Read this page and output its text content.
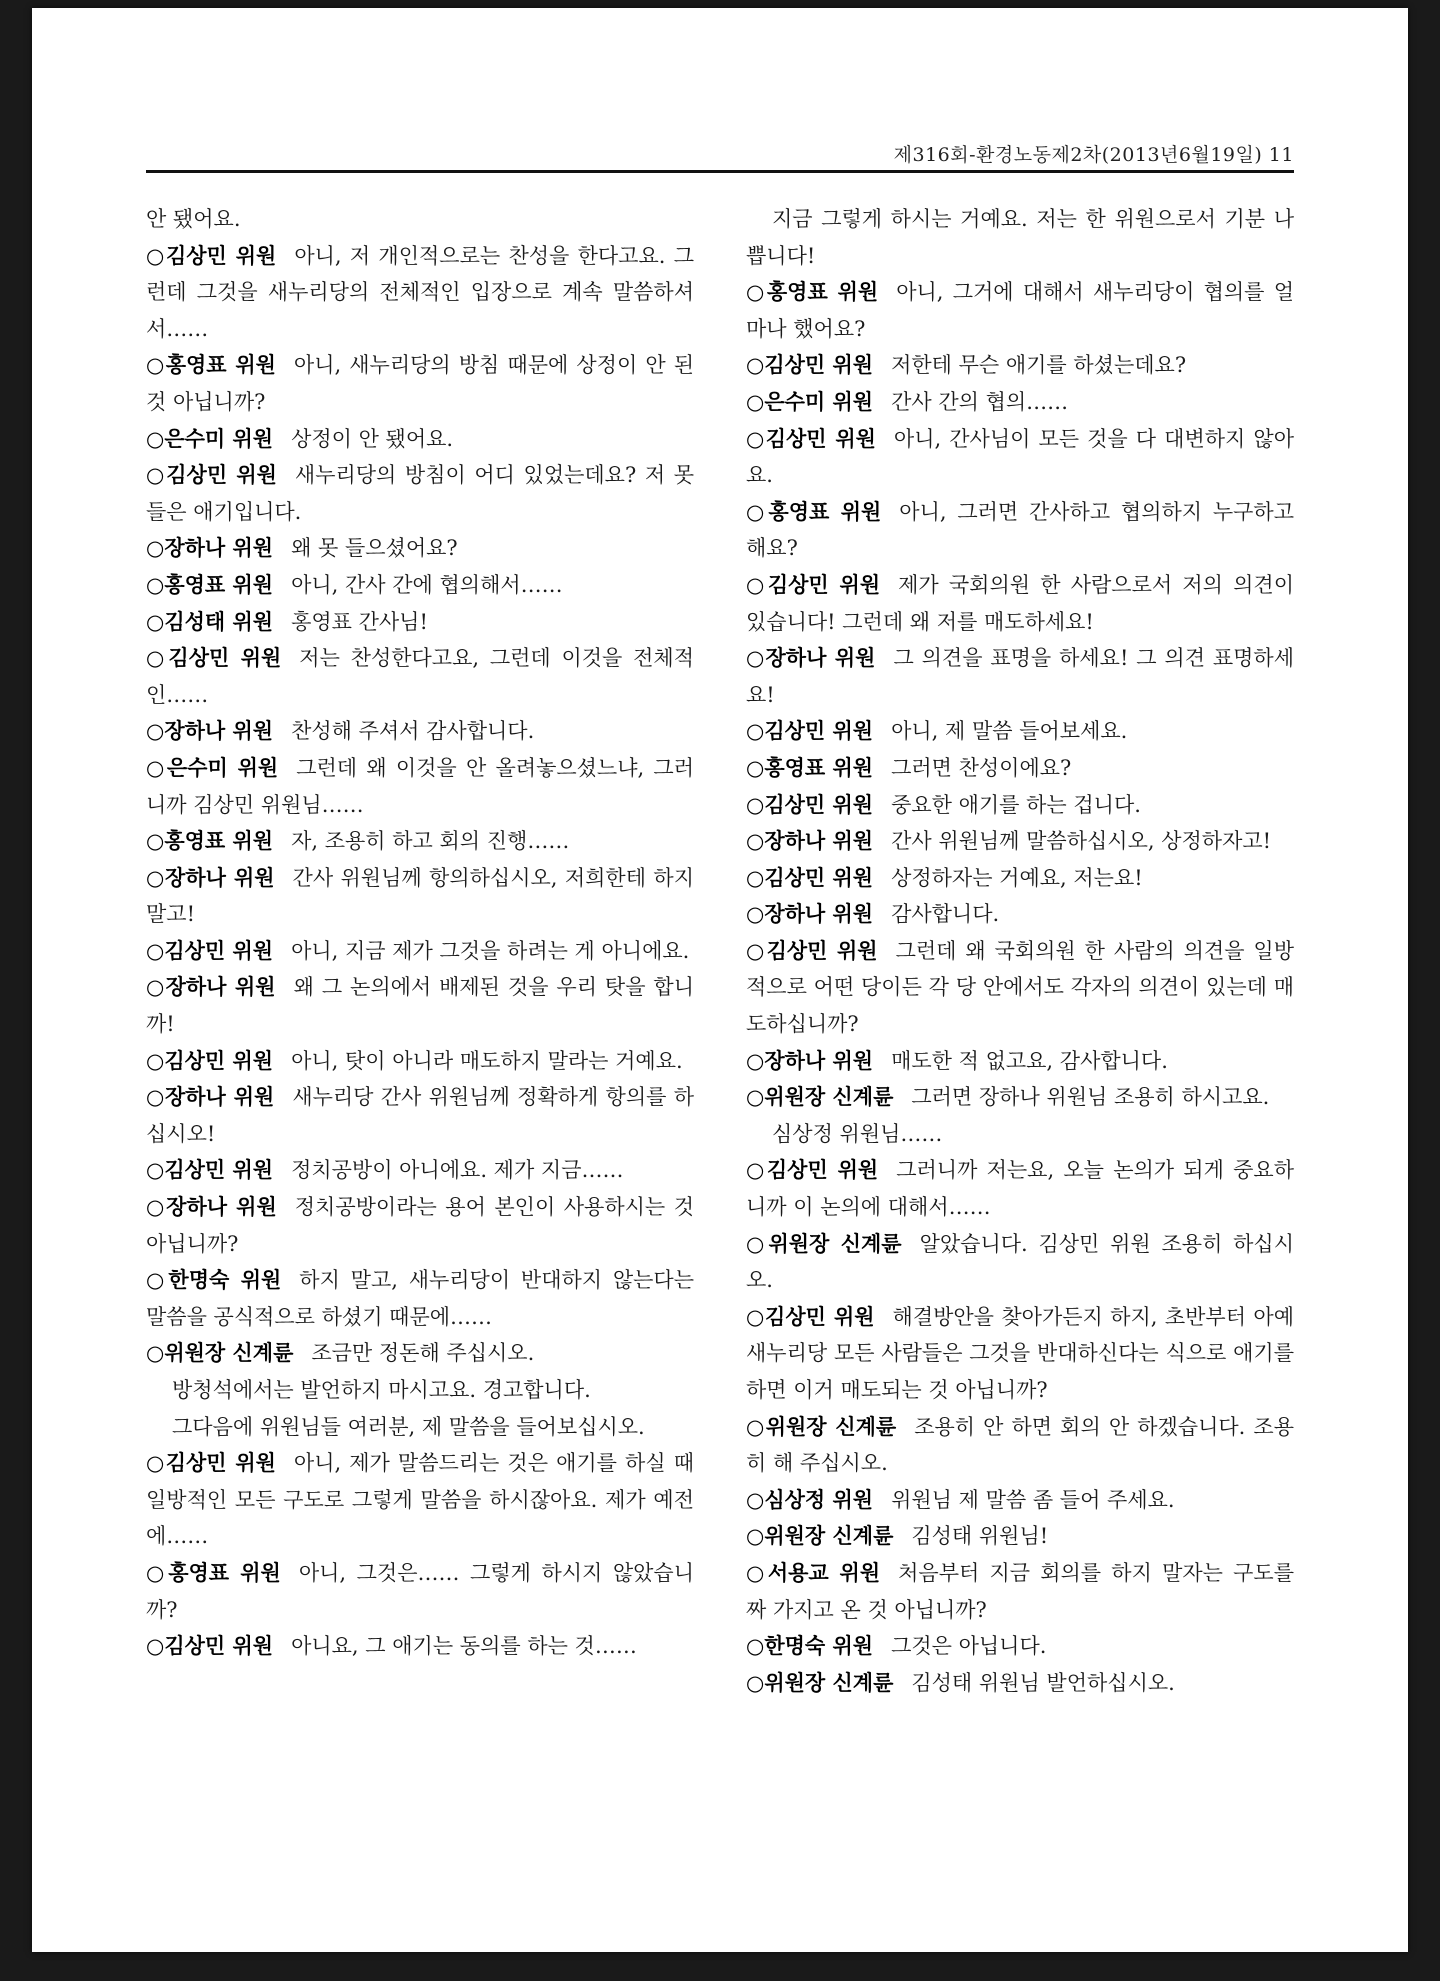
제316회-환경노동제2차(2013년6월19일) 11

안 됐어요.

○김상민 위원 아니, 저 개인적으로는 찬성을 한다고요. 그런데 그것을 새누리당의 전체적인 입장으로 계속 말씀하셔서……

○홍영표 위원 아니, 새누리당의 방침 때문에 상정이 안 된 것 아닙니까?

○은수미 위원 상정이 안 됐어요.

○김상민 위원 새누리당의 방침이 어디 있었는데요? 저 못 들은 애기입니다.

○장하나 위원 왜 못 들으셨어요?

○홍영표 위원 아니, 간사 간에 협의해서……

○김성태 위원 홍영표 간사님!

○김상민 위원 저는 찬성한다고요, 그런데 이것을 전체적인……

○장하나 위원 찬성해 주셔서 감사합니다.

○은수미 위원 그런데 왜 이것을 안 올려놓으셨느냐, 그러니까 김상민 위원님……

○홍영표 위원 자, 조용히 하고 회의 진행……

○장하나 위원 간사 위원님께 항의하십시오, 저희한테 하지 말고!

○김상민 위원 아니, 지금 제가 그것을 하려는 게 아니에요.

○장하나 위원 왜 그 논의에서 배제된 것을 우리 탓을 합니까!

○김상민 위원 아니, 탓이 아니라 매도하지 말라는 거예요.

○장하나 위원 새누리당 간사 위원님께 정확하게 항의를 하십시오!

○김상민 위원 정치공방이 아니에요. 제가 지금……

○장하나 위원 정치공방이라는 용어 본인이 사용하시는 것 아닙니까?

○한명숙 위원 하지 말고, 새누리당이 반대하지 않는다는 말씀을 공식적으로 하셨기 때문에……

○위원장 신계륜 조금만 정돈해 주십시오.

방청석에서는 발언하지 마시고요. 경고합니다.

그다음에 위원님들 여러분, 제 말씀을 들어보십시오.

○김상민 위원 아니, 제가 말씀드리는 것은 애기를 하실 때 일방적인 모든 구도로 그렇게 말씀을 하시잖아요. 제가 예전에……

○홍영표 위원 아니, 그것은…… 그렇게 하시지 않았습니까?

○김상민 위원 아니요, 그 애기는 동의를 하는 것……

지금 그렇게 하시는 거예요. 저는 한 위원으로서 기분 나쁩니다!

○홍영표 위원 아니, 그거에 대해서 새누리당이 협의를 얼마나 했어요?

○김상민 위원 저한테 무슨 애기를 하셨는데요?

○은수미 위원 간사 간의 협의……

○김상민 위원 아니, 간사님이 모든 것을 다 대변하지 않아요.

○홍영표 위원 아니, 그러면 간사하고 협의하지 누구하고 해요?

○김상민 위원 제가 국회의원 한 사람으로서 저의 의견이 있습니다! 그런데 왜 저를 매도하세요!

○장하나 위원 그 의견을 표명을 하세요! 그 의견 표명하세요!

○김상민 위원 아니, 제 말씀 들어보세요.

○홍영표 위원 그러면 찬성이에요?

○김상민 위원 중요한 애기를 하는 겁니다.

○장하나 위원 간사 위원님께 말씀하십시오, 상정하자고!

○김상민 위원 상정하자는 거예요, 저는요!

○장하나 위원 감사합니다.

○김상민 위원 그런데 왜 국회의원 한 사람의 의견을 일방적으로 어떤 당이든 각 당 안에서도 각자의 의견이 있는데 매도하십니까?

○장하나 위원 매도한 적 없고요, 감사합니다.

○위원장 신계륜 그러면 장하나 위원님 조용히 하시고요.

심상정 위원님……

○김상민 위원 그러니까 저는요, 오늘 논의가 되게 중요하니까 이 논의에 대해서……

○위원장 신계륜 알았습니다. 김상민 위원 조용히 하십시오.

○김상민 위원 해결방안을 찾아가든지 하지, 초반부터 아예 새누리당 모든 사람들은 그것을 반대하신다는 식으로 애기를 하면 이거 매도되는 것 아닙니까?

○위원장 신계륜 조용히 안 하면 회의 안 하겠습니다. 조용히 해 주십시오.

○심상정 위원 위원님 제 말씀 좀 들어 주세요.

○위원장 신계륜 김성태 위원님!

○서용교 위원 처음부터 지금 회의를 하지 말자는 구도를 짜 가지고 온 것 아닙니까?

○한명숙 위원 그것은 아닙니다.

○위원장 신계륜 김성태 위원님 발언하십시오.
